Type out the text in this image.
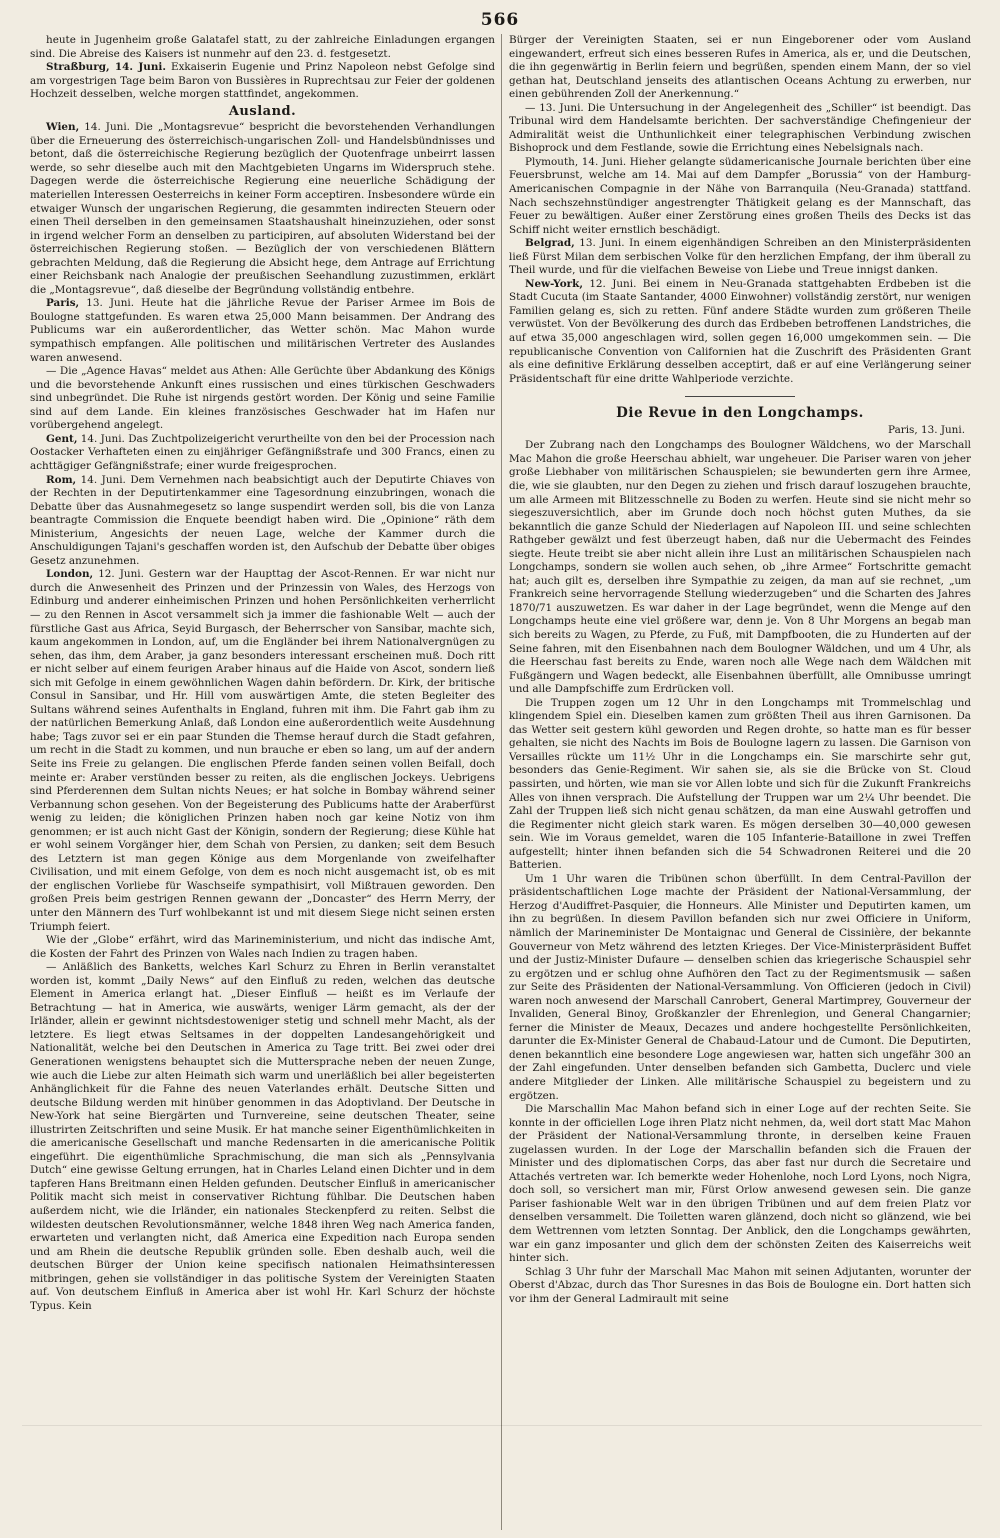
566

heute in Jugenheim große Galatafel statt, zu der zahlreiche Einladungen ergangen sind. Die Abreise des Kaisers ist nunmehr auf den 23. d. festgesetzt.

Straßburg, 14. Juni. Exkaiserin Eugenie und Prinz Napoleon nebst Gefolge sind am vorgestrigen Tage beim Baron von Bussières in Ruprechtsau zur Feier der goldenen Hochzeit desselben, welche morgen stattfindet, angekommen.

Ausland.

Wien, 14. Juni. Die „Montagsrevue“ bespricht die bevorstehenden Verhandlungen über die Erneuerung des österreichisch-ungarischen Zoll- und Handelsbündnisses und betont, daß die österreichische Regierung bezüglich der Quotenfrage unbeirrt lassen werde, so sehr dieselbe auch mit den Machtgebieten Ungarns im Widerspruch stehe. Dagegen werde die österreichische Regierung eine neuerliche Schädigung der materiellen Interessen Oesterreichs in keiner Form acceptiren. Insbesondere würde ein etwaiger Wunsch der ungarischen Regierung, die gesammten indirecten Steuern oder einen Theil derselben in den gemeinsamen Staatshaushalt hineinzuziehen, oder sonst in irgend welcher Form an denselben zu participiren, auf absoluten Widerstand bei der österreichischen Regierung stoßen. — Bezüglich der von verschiedenen Blättern gebrachten Meldung, daß die Regierung die Absicht hege, dem Antrage auf Errichtung einer Reichsbank nach Analogie der preußischen Seehandlung zuzustimmen, erklärt die „Montagsrevue“, daß dieselbe der Begründung vollständig entbehre.

Paris, 13. Juni. Heute hat die jährliche Revue der Pariser Armee im Bois de Boulogne stattgefunden. Es waren etwa 25,000 Mann beisammen. Der Andrang des Publicums war ein außerordentlicher, das Wetter schön. Mac Mahon wurde sympathisch empfangen. Alle politischen und militärischen Vertreter des Auslandes waren anwesend.

— Die „Agence Havas“ meldet aus Athen: Alle Gerüchte über Abdankung des Königs und die bevorstehende Ankunft eines russischen und eines türkischen Geschwaders sind unbegründet. Die Ruhe ist nirgends gestört worden. Der König und seine Familie sind auf dem Lande. Ein kleines französisches Geschwader hat im Hafen nur vorübergehend angelegt.

Gent, 14. Juni. Das Zuchtpolizeigericht verurtheilte von den bei der Procession nach Oostacker Verhafteten einen zu einjähriger Gefängnißstrafe und 300 Francs, einen zu achttägiger Gefängnißstrafe; einer wurde freigesprochen.

Rom, 14. Juni. Dem Vernehmen nach beabsichtigt auch der Deputirte Chiaves von der Rechten in der Deputirtenkammer eine Tagesordnung einzubringen, wonach die Debatte über das Ausnahmegesetz so lange suspendirt werden soll, bis die von Lanza beantragte Commission die Enquete beendigt haben wird. Die „Opinione“ räth dem Ministerium, Angesichts der neuen Lage, welche der Kammer durch die Anschuldigungen Tajani's geschaffen worden ist, den Aufschub der Debatte über obiges Gesetz anzunehmen.

London, 12. Juni. Gestern war der Haupttag der Ascot-Rennen. Er war nicht nur durch die Anwesenheit des Prinzen und der Prinzessin von Wales, des Herzogs von Edinburg und anderer einheimischen Prinzen und hohen Persönlichkeiten verherrlicht — zu den Rennen in Ascot versammelt sich ja immer die fashionable Welt — auch der fürstliche Gast aus Africa, Seyid Burgasch, der Beherrscher von Sansibar, machte sich, kaum angekommen in London, auf, um die Engländer bei ihrem Nationalvergnügen zu sehen, das ihm, dem Araber, ja ganz besonders interessant erscheinen muß. Doch ritt er nicht selber auf einem feurigen Araber hinaus auf die Haide von Ascot, sondern ließ sich mit Gefolge in einem gewöhnlichen Wagen dahin befördern. Dr. Kirk, der britische Consul in Sansibar, und Hr. Hill vom auswärtigen Amte, die steten Begleiter des Sultans während seines Aufenthalts in England, fuhren mit ihm. Die Fahrt gab ihm zu der natürlichen Bemerkung Anlaß, daß London eine außerordentlich weite Ausdehnung habe; Tags zuvor sei er ein paar Stunden die Themse herauf durch die Stadt gefahren, um recht in die Stadt zu kommen, und nun brauche er eben so lang, um auf der andern Seite ins Freie zu gelangen. Die englischen Pferde fanden seinen vollen Beifall, doch meinte er: Araber verstünden besser zu reiten, als die englischen Jockeys. Uebrigens sind Pferderennen dem Sultan nichts Neues; er hat solche in Bombay während seiner Verbannung schon gesehen. Von der Begeisterung des Publicums hatte der Araberfürst wenig zu leiden; die königlichen Prinzen haben noch gar keine Notiz von ihm genommen; er ist auch nicht Gast der Königin, sondern der Regierung; diese Kühle hat er wohl seinem Vorgänger hier, dem Schah von Persien, zu danken; seit dem Besuch des Letztern ist man gegen Könige aus dem Morgenlande von zweifelhafter Civilisation, und mit einem Gefolge, von dem es noch nicht ausgemacht ist, ob es mit der englischen Vorliebe für Waschseife sympathisirt, voll Mißtrauen geworden. Den großen Preis beim gestrigen Rennen gewann der „Doncaster“ des Herrn Merry, der unter den Männern des Turf wohlbekannt ist und mit diesem Siege nicht seinen ersten Triumph feiert.

Wie der „Globe“ erfährt, wird das Marineministerium, und nicht das indische Amt, die Kosten der Fahrt des Prinzen von Wales nach Indien zu tragen haben.

— Anläßlich des Banketts, welches Karl Schurz zu Ehren in Berlin veranstaltet worden ist, kommt „Daily News“ auf den Einfluß zu reden, welchen das deutsche Element in America erlangt hat. „Dieser Einfluß — heißt es im Verlaufe der Betrachtung — hat in America, wie auswärts, weniger Lärm gemacht, als der der Irländer, allein er gewinnt nichtsdestoweniger stetig und schnell mehr Macht, als der letztere. Es liegt etwas Seltsames in der doppelten Landesangehörigkeit und Nationalität, welche bei den Deutschen in America zu Tage tritt. Bei zwei oder drei Generationen wenigstens behauptet sich die Muttersprache neben der neuen Zunge, wie auch die Liebe zur alten Heimath sich warm und unerläßlich bei aller begeisterten Anhänglichkeit für die Fahne des neuen Vaterlandes erhält. Deutsche Sitten und deutsche Bildung werden mit hinüber genommen in das Adoptivland. Der Deutsche in New-York hat seine Biergärten und Turnvereine, seine deutschen Theater, seine illustrirten Zeitschriften und seine Musik. Er hat manche seiner Eigenthümlichkeiten in die americanische Gesellschaft und manche Redensarten in die americanische Politik eingeführt. Die eigenthümliche Sprachmischung, die man sich als „Pennsylvania Dutch“ eine gewisse Geltung errungen, hat in Charles Leland einen Dichter und in dem tapferen Hans Breitmann einen Helden gefunden. Deutscher Einfluß in americanischer Politik macht sich meist in conservativer Richtung fühlbar. Die Deutschen haben außerdem nicht, wie die Irländer, ein nationales Steckenpferd zu reiten. Selbst die wildesten deutschen Revolutionsmänner, welche 1848 ihren Weg nach America fanden, erwarteten und verlangten nicht, daß America eine Expedition nach Europa senden und am Rhein die deutsche Republik gründen solle. Eben deshalb auch, weil die deutschen Bürger der Union keine specifisch nationalen Heimathsinteressen mitbringen, gehen sie vollständiger in das politische System der Vereinigten Staaten auf. Von deutschem Einfluß in America aber ist wohl Hr. Karl Schurz der höchste Typus. Kein

Bürger der Vereinigten Staaten, sei er nun Eingeborener oder vom Ausland eingewandert, erfreut sich eines besseren Rufes in America, als er, und die Deutschen, die ihn gegenwärtig in Berlin feiern und begrüßen, spenden einem Mann, der so viel gethan hat, Deutschland jenseits des atlantischen Oceans Achtung zu erwerben, nur einen gebührenden Zoll der Anerkennung.“

— 13. Juni. Die Untersuchung in der Angelegenheit des „Schiller“ ist beendigt. Das Tribunal wird dem Handelsamte berichten. Der sachverständige Chefingenieur der Admiralität weist die Unthunlichkeit einer telegraphischen Verbindung zwischen Bishoprock und dem Festlande, sowie die Errichtung eines Nebelsignals nach.

Plymouth, 14. Juni. Hieher gelangte südamericanische Journale berichten über eine Feuersbrunst, welche am 14. Mai auf dem Dampfer „Borussia“ von der Hamburg-Americanischen Compagnie in der Nähe von Barranquila (Neu-Granada) stattfand. Nach sechszehnstündiger angestrengter Thätigkeit gelang es der Mannschaft, das Feuer zu bewältigen. Außer einer Zerstörung eines großen Theils des Decks ist das Schiff nicht weiter ernstlich beschädigt.

Belgrad, 13. Juni. In einem eigenhändigen Schreiben an den Ministerpräsidenten ließ Fürst Milan dem serbischen Volke für den herzlichen Empfang, der ihm überall zu Theil wurde, und für die vielfachen Beweise von Liebe und Treue innigst danken.

New-York, 12. Juni. Bei einem in Neu-Granada stattgehabten Erdbeben ist die Stadt Cucuta (im Staate Santander, 4000 Einwohner) vollständig zerstört, nur wenigen Familien gelang es, sich zu retten. Fünf andere Städte wurden zum größeren Theile verwüstet. Von der Bevölkerung des durch das Erdbeben betroffenen Landstriches, die auf etwa 35,000 angeschlagen wird, sollen gegen 16,000 umgekommen sein. — Die republicanische Convention von Californien hat die Zuschrift des Präsidenten Grant als eine definitive Erklärung desselben acceptirt, daß er auf eine Verlängerung seiner Präsidentschaft für eine dritte Wahlperiode verzichte.

Die Revue in den Longchamps.
Paris, 13. Juni.

Der Zubrang nach den Longchamps des Boulogner Wäldchens, wo der Marschall Mac Mahon die große Heerschau abhielt, war ungeheuer. Die Pariser waren von jeher große Liebhaber von militärischen Schauspielen; sie bewunderten gern ihre Armee, die, wie sie glaubten, nur den Degen zu ziehen und frisch darauf loszugehen brauchte, um alle Armeen mit Blitzesschnelle zu Boden zu werfen. Heute sind sie nicht mehr so siegeszuversichtlich, aber im Grunde doch noch höchst guten Muthes, da sie bekanntlich die ganze Schuld der Niederlagen auf Napoleon III. und seine schlechten Rathgeber gewälzt und fest überzeugt haben, daß nur die Uebermacht des Feindes siegte. Heute treibt sie aber nicht allein ihre Lust an militärischen Schauspielen nach Longchamps, sondern sie wollen auch sehen, ob „ihre Armee“ Fortschritte gemacht hat; auch gilt es, derselben ihre Sympathie zu zeigen, da man auf sie rechnet, „um Frankreich seine hervorragende Stellung wiederzugeben“ und die Scharten des Jahres 1870/71 auszuwetzen. Es war daher in der Lage begründet, wenn die Menge auf den Longchamps heute eine viel größere war, denn je. Von 8 Uhr Morgens an begab man sich bereits zu Wagen, zu Pferde, zu Fuß, mit Dampfbooten, die zu Hunderten auf der Seine fahren, mit den Eisenbahnen nach dem Boulogner Wäldchen, und um 4 Uhr, als die Heerschau fast bereits zu Ende, waren noch alle Wege nach dem Wäldchen mit Fußgängern und Wagen bedeckt, alle Eisenbahnen überfüllt, alle Omnibusse umringt und alle Dampfschiffe zum Erdrücken voll.

Die Truppen zogen um 12 Uhr in den Longchamps mit Trommelschlag und klingendem Spiel ein. Dieselben kamen zum größten Theil aus ihren Garnisonen. Da das Wetter seit gestern kühl geworden und Regen drohte, so hatte man es für besser gehalten, sie nicht des Nachts im Bois de Boulogne lagern zu lassen. Die Garnison von Versailles rückte um 11½ Uhr in die Longchamps ein. Sie marschirte sehr gut, besonders das Genie-Regiment. Wir sahen sie, als sie die Brücke von St. Cloud passirten, und hörten, wie man sie vor Allen lobte und sich für die Zukunft Frankreichs Alles von ihnen versprach. Die Aufstellung der Truppen war um 2¼ Uhr beendet. Die Zahl der Truppen ließ sich nicht genau schätzen, da man eine Auswahl getroffen und die Regimenter nicht gleich stark waren. Es mögen derselben 30—40,000 gewesen sein. Wie im Voraus gemeldet, waren die 105 Infanterie-Bataillone in zwei Treffen aufgestellt; hinter ihnen befanden sich die 54 Schwadronen Reiterei und die 20 Batterien.

Um 1 Uhr waren die Tribünen schon überfüllt. In dem Central-Pavillon der präsidentschaftlichen Loge machte der Präsident der National-Versammlung, der Herzog d'Audiffret-Pasquier, die Honneurs. Alle Minister und Deputirten kamen, um ihn zu begrüßen. In diesem Pavillon befanden sich nur zwei Officiere in Uniform, nämlich der Marineminister De Montaignac und General de Cissinière, der bekannte Gouverneur von Metz während des letzten Krieges. Der Vice-Ministerpräsident Buffet und der Justiz-Minister Dufaure — denselben schien das kriegerische Schauspiel sehr zu ergötzen und er schlug ohne Aufhören den Tact zu der Regimentsmusik — saßen zur Seite des Präsidenten der National-Versammlung. Von Officieren (jedoch in Civil) waren noch anwesend der Marschall Canrobert, General Martimprey, Gouverneur der Invaliden, General Binoy, Großkanzler der Ehrenlegion, und General Changarnier; ferner die Minister de Meaux, Decazes und andere hochgestellte Persönlichkeiten, darunter die Ex-Minister General de Chabaud-Latour und de Cumont. Die Deputirten, denen bekanntlich eine besondere Loge angewiesen war, hatten sich ungefähr 300 an der Zahl eingefunden. Unter denselben befanden sich Gambetta, Duclerc und viele andere Mitglieder der Linken. Alle militärische Schauspiel zu begeistern und zu ergötzen.

Die Marschallin Mac Mahon befand sich in einer Loge auf der rechten Seite. Sie konnte in der officiellen Loge ihren Platz nicht nehmen, da, weil dort statt Mac Mahon der Präsident der National-Versammlung thronte, in derselben keine Frauen zugelassen wurden. In der Loge der Marschallin befanden sich die Frauen der Minister und des diplomatischen Corps, das aber fast nur durch die Secretaire und Attachés vertreten war. Ich bemerkte weder Hohenlohe, noch Lord Lyons, noch Nigra, doch soll, so versichert man mir, Fürst Orlow anwesend gewesen sein. Die ganze Pariser fashionable Welt war in den übrigen Tribünen und auf dem freien Platz vor denselben versammelt. Die Toiletten waren glänzend, doch nicht so glänzend, wie bei dem Wettrennen vom letzten Sonntag. Der Anblick, den die Longchamps gewährten, war ein ganz imposanter und glich dem der schönsten Zeiten des Kaiserreichs weit hinter sich.

Schlag 3 Uhr fuhr der Marschall Mac Mahon mit seinen Adjutanten, worunter der Oberst d'Abzac, durch das Thor Suresnes in das Bois de Boulogne ein. Dort hatten sich vor ihm der General Ladmirault mit seine
